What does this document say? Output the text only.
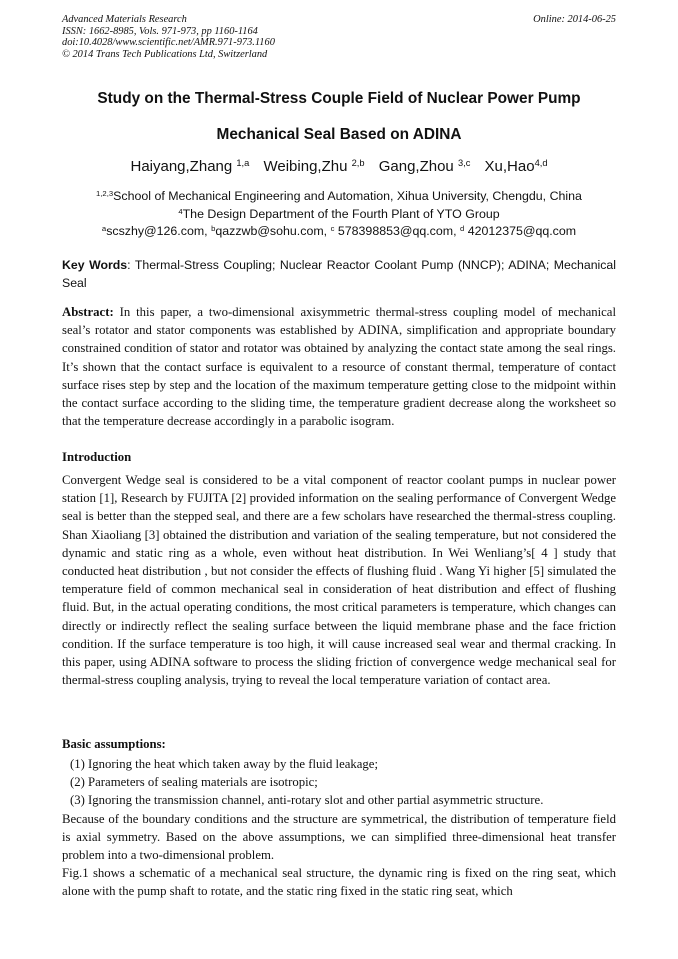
Advanced Materials Research
ISSN: 1662-8985, Vols. 971-973, pp 1160-1164
doi:10.4028/www.scientific.net/AMR.971-973.1160
© 2014 Trans Tech Publications Ltd, Switzerland
Online: 2014-06-25
Study on the Thermal-Stress Couple Field of Nuclear Power Pump
Mechanical Seal Based on ADINA
Haiyang,Zhang $^{1,a}$ Weibing,Zhu $^{2,b}$ Gang,Zhou $^{3,c}$ Xu,Hao$^{4,d}$
$^{1,2,3}$School of Mechanical Engineering and Automation, Xihua University, Chengdu, China
$^4$The Design Department of the Fourth Plant of YTO Group
$^a$scszhy@126.com, $^b$qazzwb@sohu.com, $^c$ 578398853@qq.com, $^d$ 42012375@qq.com
Key Words: Thermal-Stress Coupling; Nuclear Reactor Coolant Pump (NNCP); ADINA; Mechanical Seal
Abstract: In this paper, a two-dimensional axisymmetric thermal-stress coupling model of mechanical seal’s rotator and stator components was established by ADINA, simplification and appropriate boundary constrained condition of stator and rotator was obtained by analyzing the contact state among the seal rings. It’s shown that the contact surface is equivalent to a resource of constant thermal, temperature of contact surface rises step by step and the location of the maximum temperature getting close to the midpoint within the contact surface according to the sliding time, the temperature gradient decrease along the worksheet so that the temperature decrease accordingly in a parabolic isogram.
Introduction
Convergent Wedge seal is considered to be a vital component of reactor coolant pumps in nuclear power station [1], Research by FUJITA [2] provided information on the sealing performance of Convergent Wedge seal is better than the stepped seal, and there are a few scholars have researched the thermal-stress coupling. Shan Xiaoliang [3] obtained the distribution and variation of the sealing temperature, but not considered the dynamic and static ring as a whole, even without heat distribution. In Wei Wenliang’s[ 4 ] study that conducted heat distribution , but not consider the effects of flushing fluid . Wang Yi higher [5] simulated the temperature field of common mechanical seal in consideration of heat distribution and effect of flushing fluid. But, in the actual operating conditions, the most critical parameters is temperature, which changes can directly or indirectly reflect the sealing surface between the liquid membrane phase and the face friction condition. If the surface temperature is too high, it will cause increased seal wear and thermal cracking. In this paper, using ADINA software to process the sliding friction of convergence wedge mechanical seal for thermal-stress coupling analysis, trying to reveal the local temperature variation of contact area.
Basic assumptions:
(1) Ignoring the heat which taken away by the fluid leakage;
(2) Parameters of sealing materials are isotropic;
(3) Ignoring the transmission channel, anti-rotary slot and other partial asymmetric structure.
Because of the boundary conditions and the structure are symmetrical, the distribution of temperature field is axial symmetry. Based on the above assumptions, we can simplified three-dimensional heat transfer problem into a two-dimensional problem.
Fig.1 shows a schematic of a mechanical seal structure, the dynamic ring is fixed on the ring seat, which alone with the pump shaft to rotate, and the static ring fixed in the static ring seat, which
